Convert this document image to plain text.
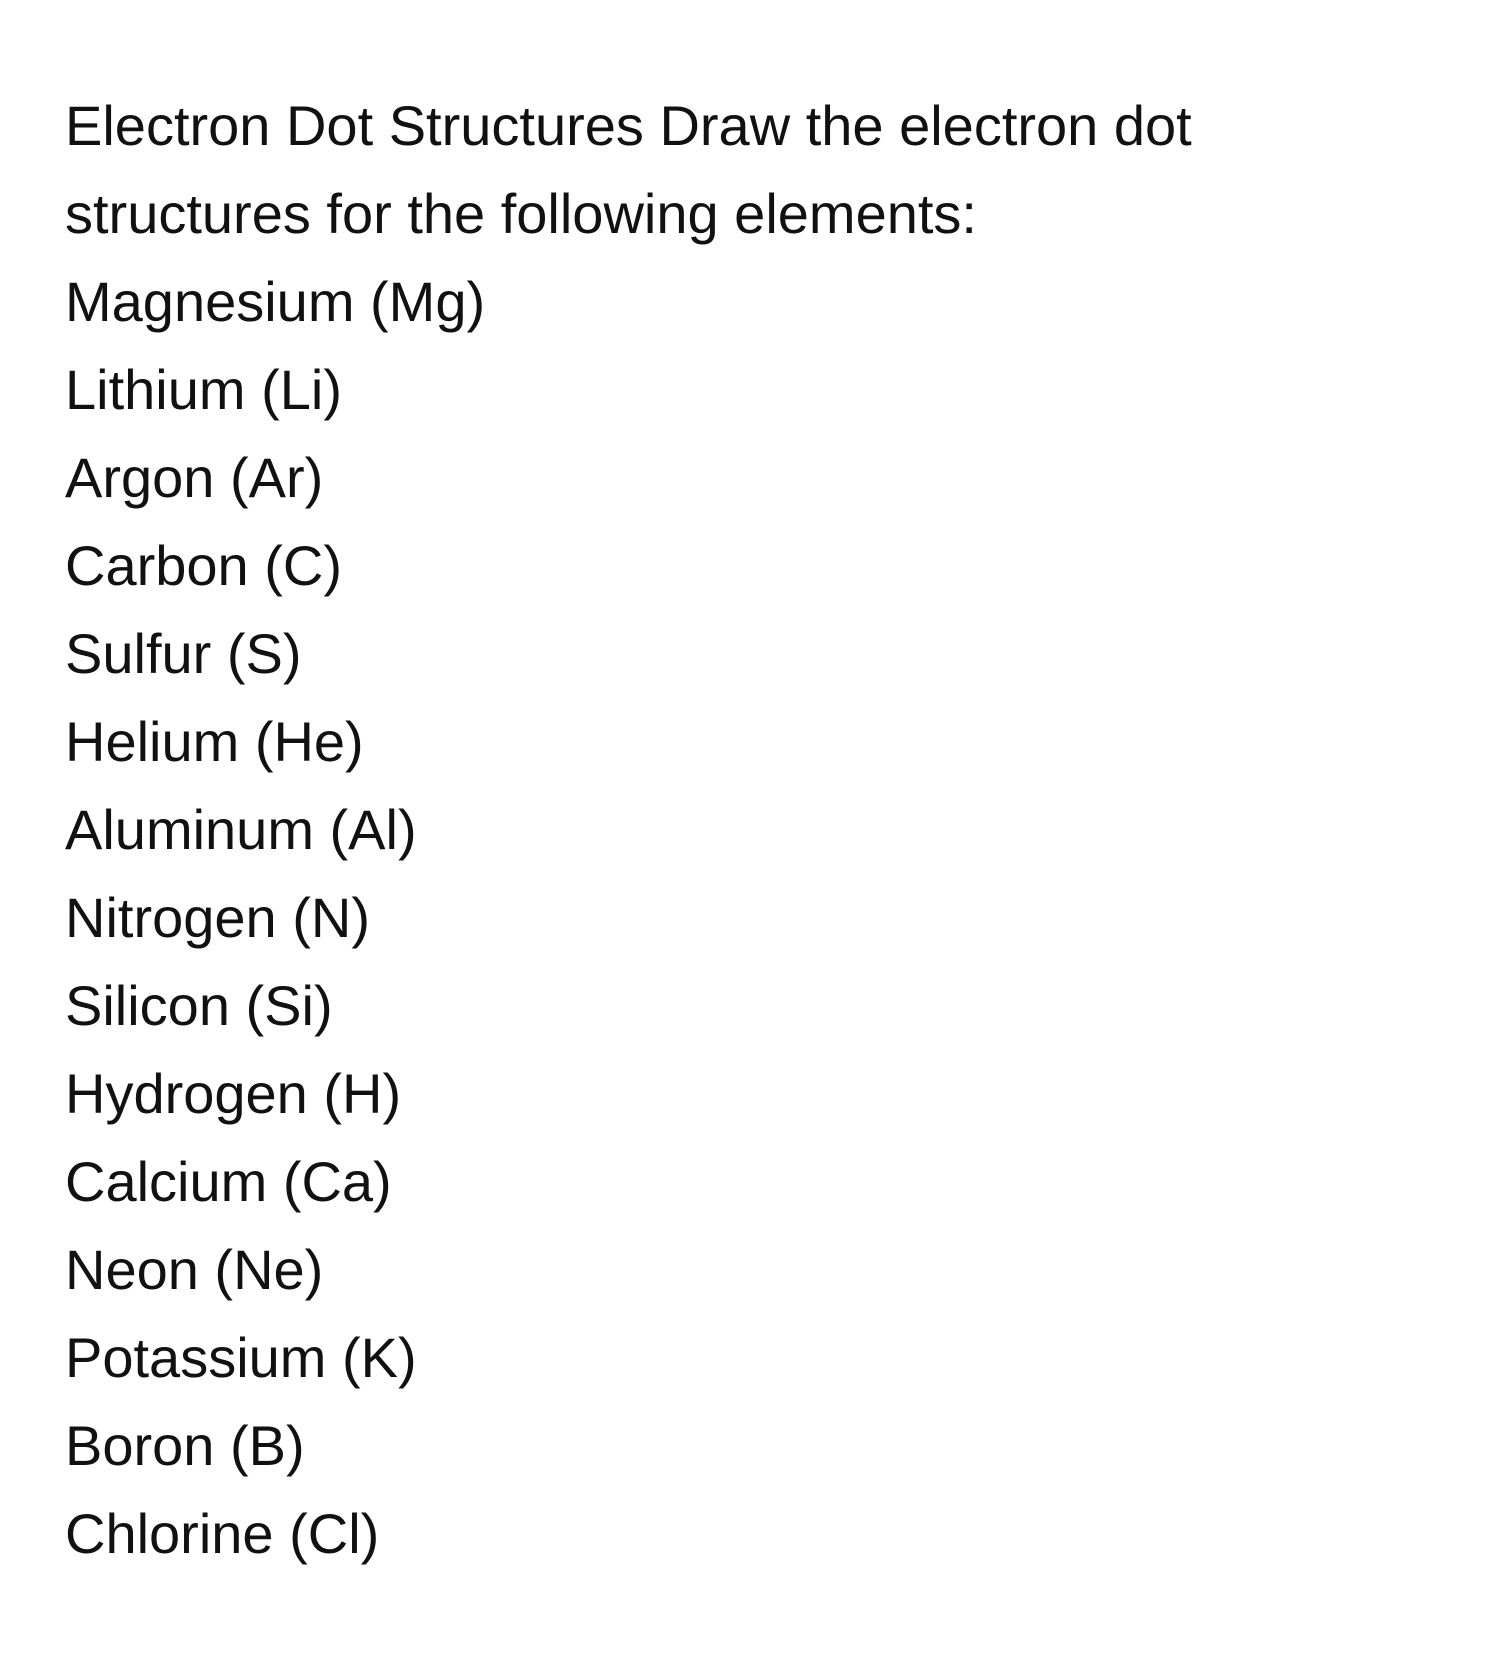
Electron Dot Structures Draw the electron dot structures for the following elements:

Magnesium (Mg)
Lithium (Li)
Argon (Ar)
Carbon (C)
Sulfur (S)
Helium (He)
Aluminum (Al)
Nitrogen (N)
Silicon (Si)
Hydrogen (H)
Calcium (Ca)
Neon (Ne)
Potassium (K)
Boron (B)
Chlorine (Cl)
